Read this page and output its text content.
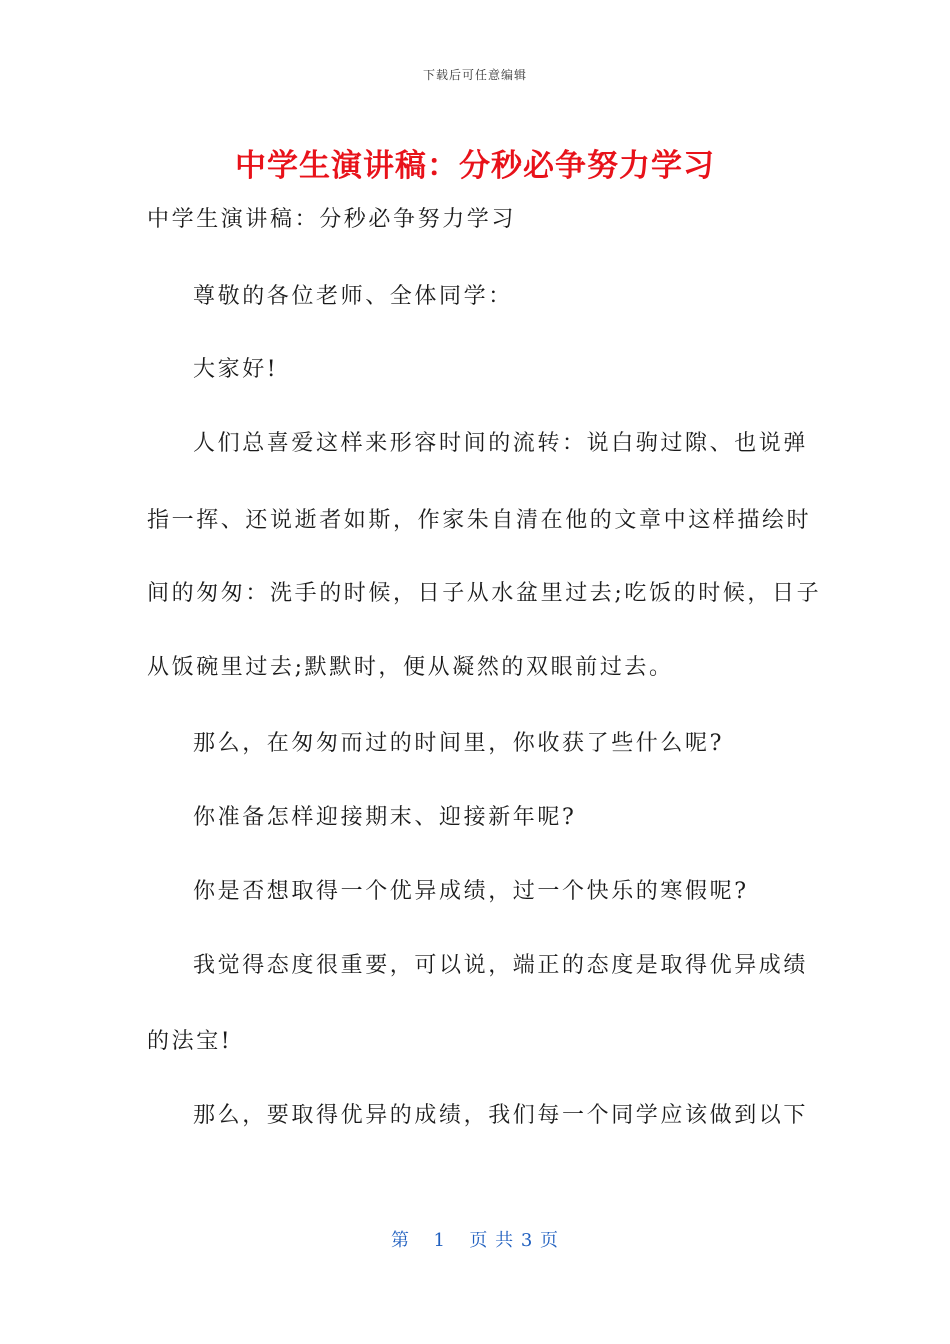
下载后可任意编辑
中学生演讲稿：分秒必争努力学习
中学生演讲稿：分秒必争努力学习
尊敬的各位老师、全体同学：
大家好!
人们总喜爱这样来形容时间的流转：说白驹过隙、也说弹
指一挥、还说逝者如斯，作家朱自清在他的文章中这样描绘时
间的匆匆：洗手的时候，日子从水盆里过去;吃饭的时候，日子
从饭碗里过去;默默时，便从凝然的双眼前过去。
那么，在匆匆而过的时间里，你收获了些什么呢?
你准备怎样迎接期末、迎接新年呢?
你是否想取得一个优异成绩，过一个快乐的寒假呢?
我觉得态度很重要，可以说，端正的态度是取得优异成绩
的法宝!
那么，要取得优异的成绩，我们每一个同学应该做到以下
第 1 页 共 3 页
